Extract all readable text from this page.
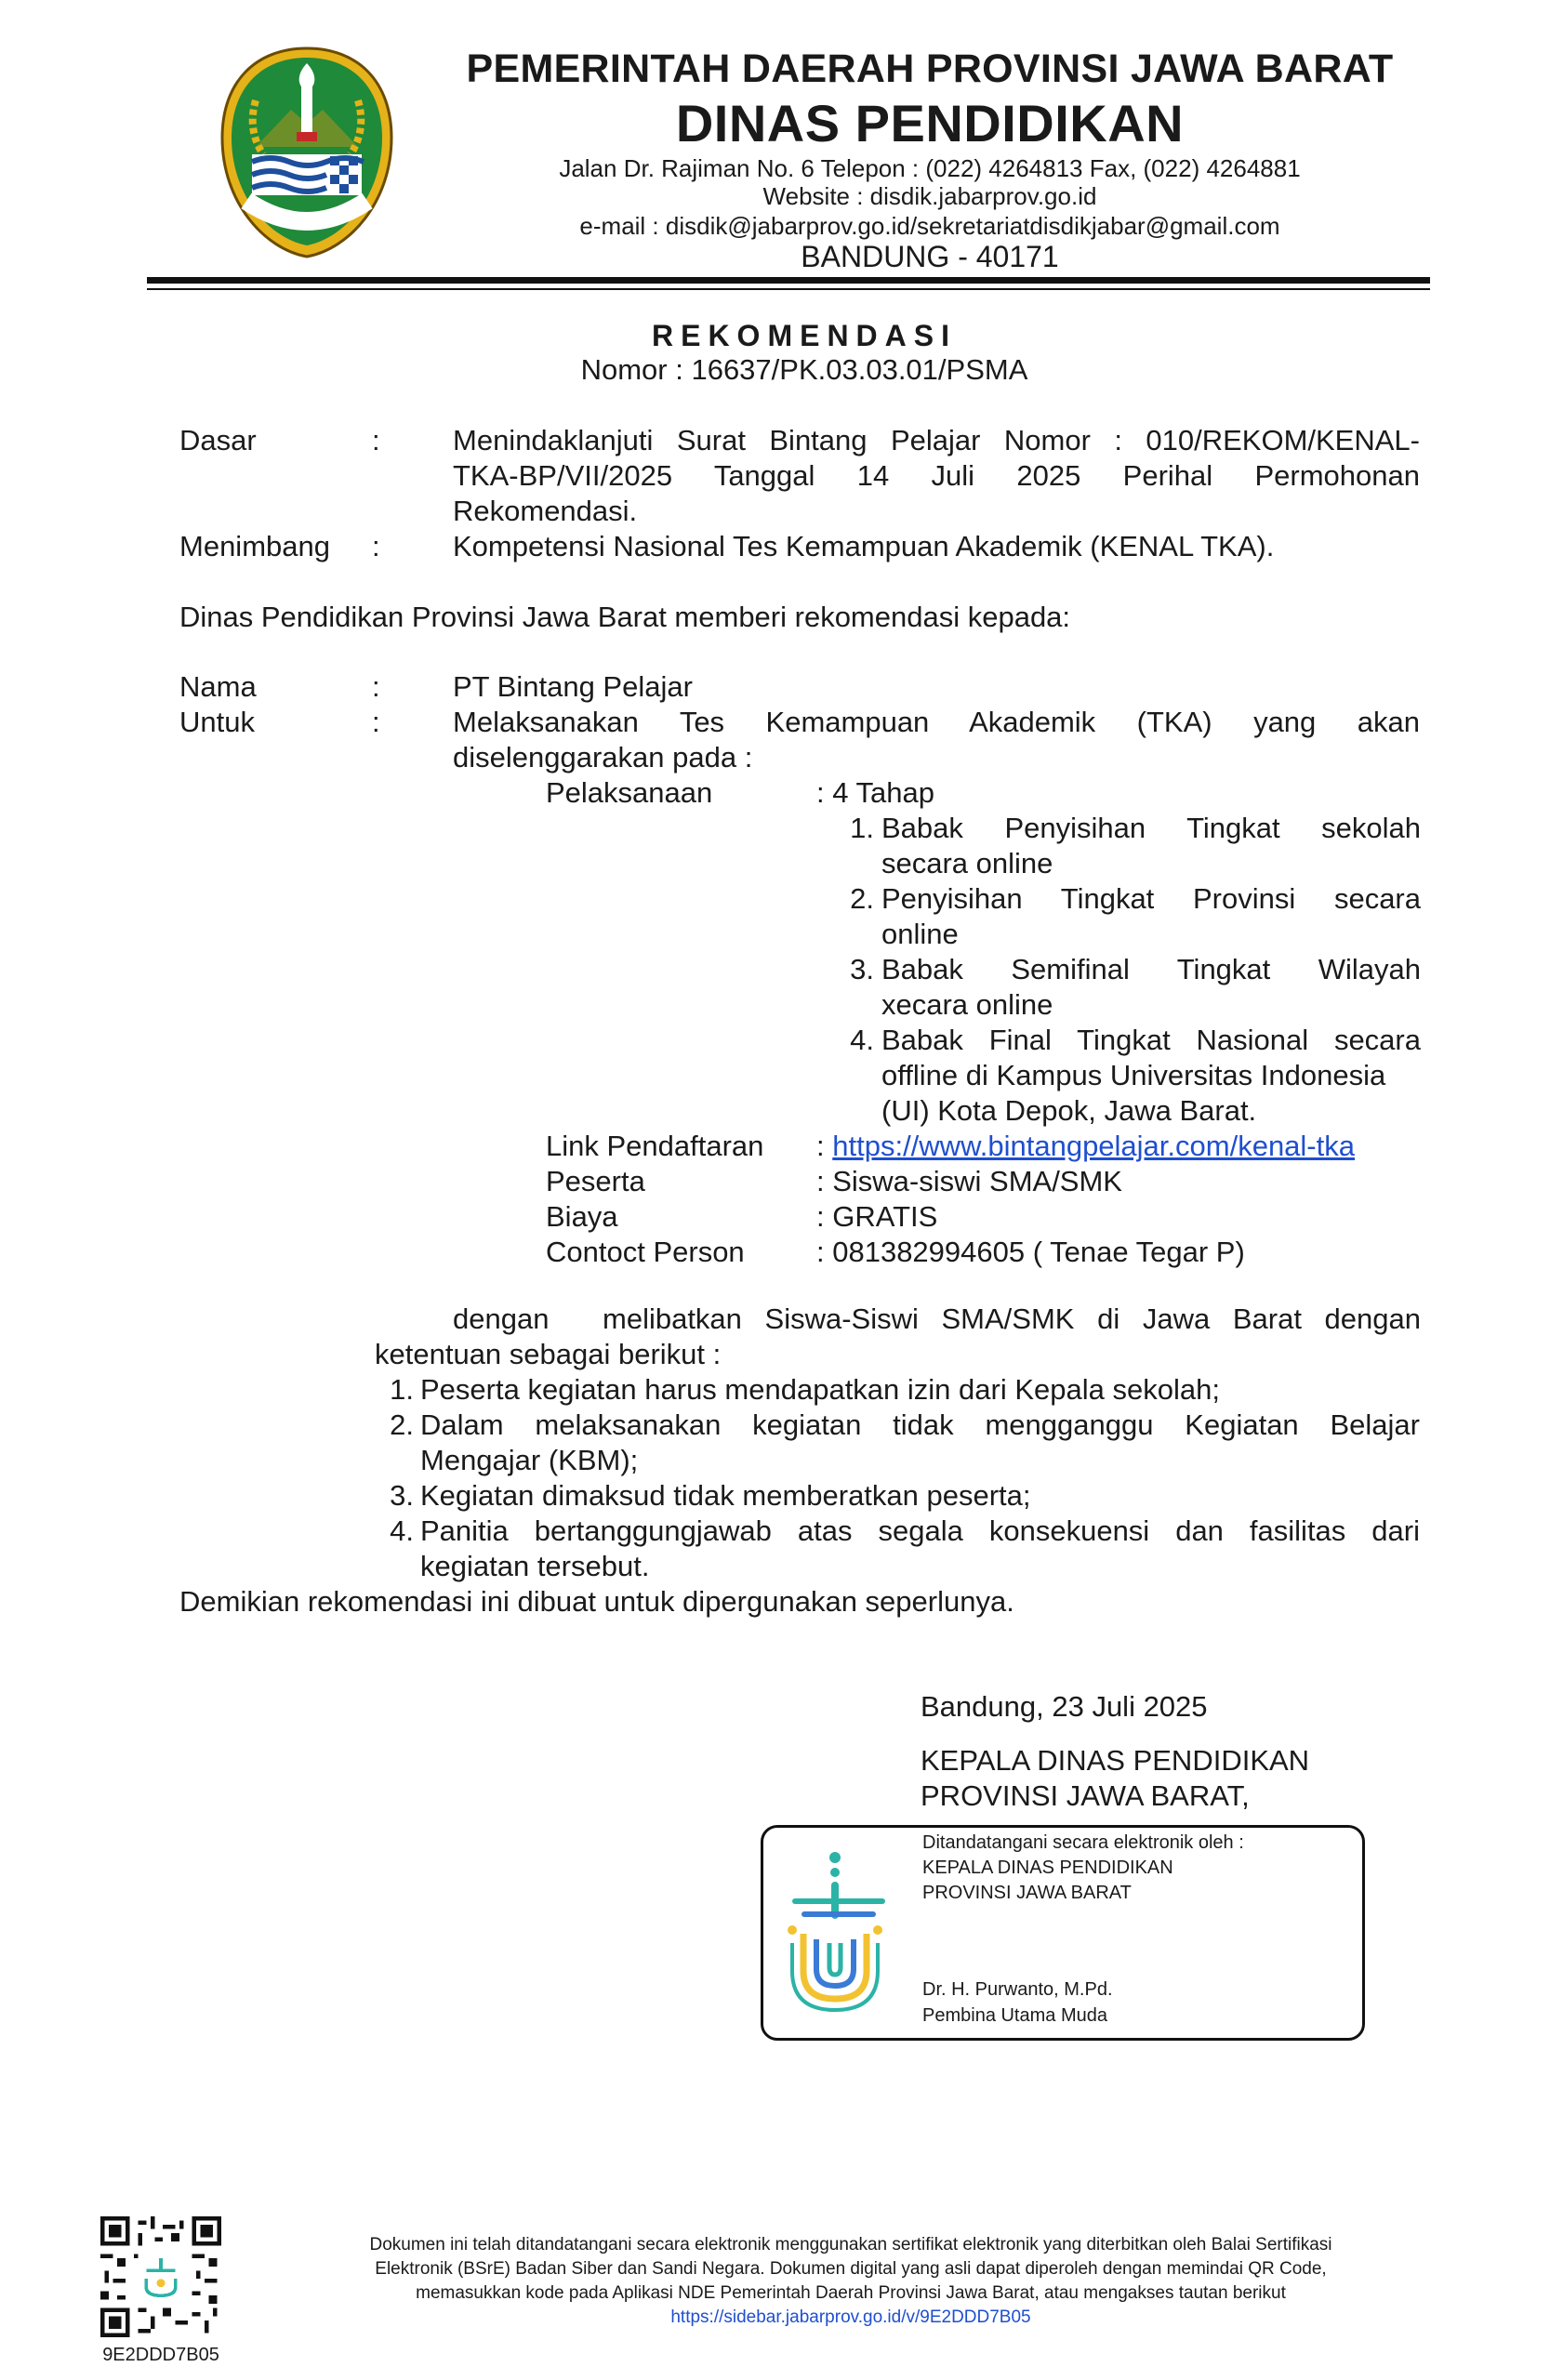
PEMERINTAH DAERAH PROVINSI JAWA BARAT
DINAS PENDIDIKAN
Jalan Dr. Rajiman No. 6 Telepon : (022) 4264813 Fax, (022) 4264881
Website : disdik.jabarprov.go.id
e-mail : disdik@jabarprov.go.id/sekretariatdisdikjabar@gmail.com
BANDUNG - 40171
REKOMENDASI
Nomor : 16637/PK.03.03.01/PSMA
Dasar	:	Menindaklanjuti Surat Bintang Pelajar Nomor : 010/REKOM/KENAL-
TKA-BP/VII/2025 Tanggal 14 Juli 2025 Perihal Permohonan
Rekomendasi.
Menimbang :	Kompetensi Nasional Tes Kemampuan Akademik (KENAL TKA).
Dinas Pendidikan Provinsi Jawa Barat memberi rekomendasi kepada:
Nama	:	PT Bintang Pelajar
Untuk	:	Melaksanakan Tes Kemampuan Akademik (TKA) yang akan
diselenggarakan pada :
Pelaksanaan	: 4 Tahap
1. Babak Penyisihan Tingkat sekolah
secara online
2. Penyisihan Tingkat Provinsi secara
online
3. Babak Semifinal Tingkat Wilayah
xecara online
4. Babak Final Tingkat Nasional secara
offline di Kampus Universitas Indonesia
(UI) Kota Depok, Jawa Barat.
Link Pendaftaran : https://www.bintangpelajar.com/kenal-tka
Peserta	: Siswa-siswi SMA/SMK
Biaya	: GRATIS
Contoct Person : 081382994605 ( Tenae Tegar P)
dengan melibatkan Siswa-Siswi SMA/SMK di Jawa Barat dengan
ketentuan sebagai berikut :
1. Peserta kegiatan harus mendapatkan izin dari Kepala sekolah;
2. Dalam melaksanakan kegiatan tidak mengganggu Kegiatan Belajar
Mengajar (KBM);
3. Kegiatan dimaksud tidak memberatkan peserta;
4. Panitia bertanggungjawab atas segala konsekuensi dan fasilitas dari
kegiatan tersebut.
Demikian rekomendasi ini dibuat untuk dipergunakan seperlunya.
Bandung, 23 Juli 2025
KEPALA DINAS PENDIDIKAN
PROVINSI JAWA BARAT,
Ditandatangani secara elektronik oleh :
KEPALA DINAS PENDIDIKAN
PROVINSI JAWA BARAT
Dr. H. Purwanto, M.Pd.
Pembina Utama Muda
9E2DDD7B05
Dokumen ini telah ditandatangani secara elektronik menggunakan sertifikat elektronik yang diterbitkan oleh Balai Sertifikasi
Elektronik (BSrE) Badan Siber dan Sandi Negara. Dokumen digital yang asli dapat diperoleh dengan memindai QR Code,
memasukkan kode pada Aplikasi NDE Pemerintah Daerah Provinsi Jawa Barat, atau mengakses tautan berikut
https://sidebar.jabarprov.go.id/v/9E2DDD7B05
